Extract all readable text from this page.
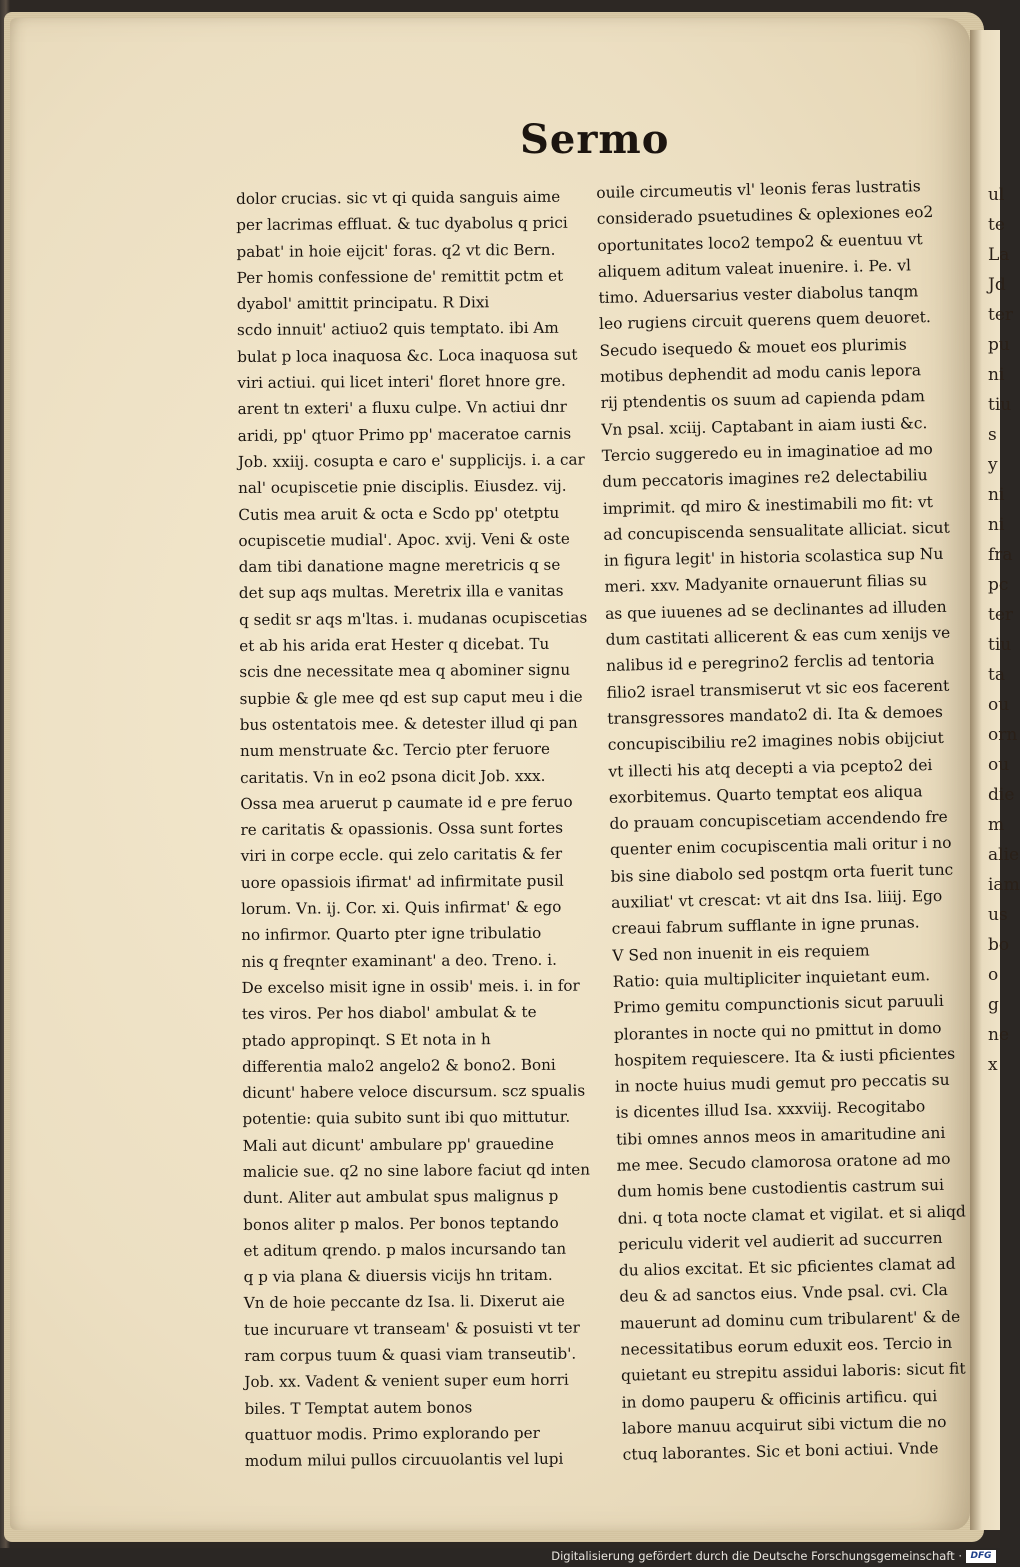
ul
te
La
Jd
ter
pu
ni
tiu
s
y
ni
ni
fra
pc
ter
tiu
ta
ou
orn
ou
die
m
alie
iam
us
bo
o
g
ne
x
Sermo
dolor crucias. sic vt qi quida sanguis aime
per lacrimas effluat. & tuc dyabolus q prici
pabat' in hoie eijcit' foras. q2 vt dic Bern.
Per homis confessione de' remittit pctm et
dyabol' amittit principatu. R Dixi
scdo innuit' actiuo2 quis temptato. ibi Am
bulat p loca inaquosa &c. Loca inaquosa sut
viri actiui. qui licet interi' floret hnore gre.
arent tn exteri' a fluxu culpe. Vn actiui dnr
aridi, pp' qtuor Primo pp' maceratoe carnis
Job. xxiij. cosupta e caro e' supplicijs. i. a car
nal' ocupiscetie pnie disciplis. Eiusdez. vij.
Cutis mea aruit & octa e Scdo pp' otetptu
ocupiscetie mudial'. Apoc. xvij. Veni & oste
dam tibi danatione magne meretricis q se
det sup aqs multas. Meretrix illa e vanitas
q sedit sr aqs m'ltas. i. mudanas ocupiscetias
et ab his arida erat Hester q dicebat. Tu
scis dne necessitate mea q abominer signu
supbie & gle mee qd est sup caput meu i die
bus ostentatois mee. & detester illud qi pan
num menstruate &c. Tercio pter feruore
caritatis. Vn in eo2 psona dicit Job. xxx.
Ossa mea aruerut p caumate id e pre feruo
re caritatis & opassionis. Ossa sunt fortes
viri in corpe eccle. qui zelo caritatis & fer
uore opassiois ifirmat' ad infirmitate pusil
lorum. Vn. ij. Cor. xi. Quis infirmat' & ego
no infirmor. Quarto pter igne tribulatio
nis q freqnter examinant' a deo. Treno. i.
De excelso misit igne in ossib' meis. i. in for
tes viros. Per hos diabol' ambulat & te
ptado appropinqt. S Et nota in h
differentia malo2 angelo2 & bono2. Boni
dicunt' habere veloce discursum. scz spualis
potentie: quia subito sunt ibi quo mittutur.
Mali aut dicunt' ambulare pp' grauedine
malicie sue. q2 no sine labore faciut qd inten
dunt. Aliter aut ambulat spus malignus p
bonos aliter p malos. Per bonos teptando
et aditum qrendo. p malos incursando tan
q p via plana & diuersis vicijs hn tritam.
Vn de hoie peccante dz Isa. li. Dixerut aie
tue incuruare vt transeam' & posuisti vt ter
ram corpus tuum & quasi viam transeutib'.
Job. xx. Vadent & venient super eum horri
biles. T Temptat autem bonos
quattuor modis. Primo explorando per
modum milui pullos circuuolantis vel lupi
ouile circumeutis vl' leonis feras lustratis
considerado psuetudines & oplexiones eo2
oportunitates loco2 tempo2 & euentuu vt
aliquem aditum valeat inuenire. i. Pe. vl
timo. Aduersarius vester diabolus tanqm
leo rugiens circuit querens quem deuoret.
Secudo isequedo & mouet eos plurimis
motibus dephendit ad modu canis lepora
rij ptendentis os suum ad capienda pdam
Vn psal. xciij. Captabant in aiam iusti &c.
Tercio suggeredo eu in imaginatioe ad mo
dum peccatoris imagines re2 delectabiliu
imprimit. qd miro & inestimabili mo fit: vt
ad concupiscenda sensualitate alliciat. sicut
in figura legit' in historia scolastica sup Nu
meri. xxv. Madyanite ornauerunt filias su
as que iuuenes ad se declinantes ad illuden
dum castitati allicerent & eas cum xenijs ve
nalibus id e peregrino2 ferclis ad tentoria
filio2 israel transmiserut vt sic eos facerent
transgressores mandato2 di. Ita & demoes
concupiscibiliu re2 imagines nobis obijciut
vt illecti his atq decepti a via pcepto2 dei
exorbitemus. Quarto temptat eos aliqua
do prauam concupiscetiam accendendo fre
quenter enim cocupiscentia mali oritur i no
bis sine diabolo sed postqm orta fuerit tunc
auxiliat' vt crescat: vt ait dns Isa. liiij. Ego
creaui fabrum sufflante in igne prunas.
V Sed non inuenit in eis requiem
Ratio: quia multipliciter inquietant eum.
Primo gemitu compunctionis sicut paruuli
plorantes in nocte qui no pmittut in domo
hospitem requiescere. Ita & iusti pficientes
in nocte huius mudi gemut pro peccatis su
is dicentes illud Isa. xxxviij. Recogitabo
tibi omnes annos meos in amaritudine ani
me mee. Secudo clamorosa oratone ad mo
dum homis bene custodientis castrum sui
dni. q tota nocte clamat et vigilat. et si aliqd
periculu viderit vel audierit ad succurren
du alios excitat. Et sic pficientes clamat ad
deu & ad sanctos eius. Vnde psal. cvi. Cla
mauerunt ad dominu cum tribularent' & de
necessitatibus eorum eduxit eos. Tercio in
quietant eu strepitu assidui laboris: sicut fit
in domo pauperu & officinis artificu. qui
labore manuu acquirut sibi victum die no
ctuq laborantes. Sic et boni actiui. Vnde
Digitalisierung gefördert durch die Deutsche Forschungsgemeinschaft · DFG
